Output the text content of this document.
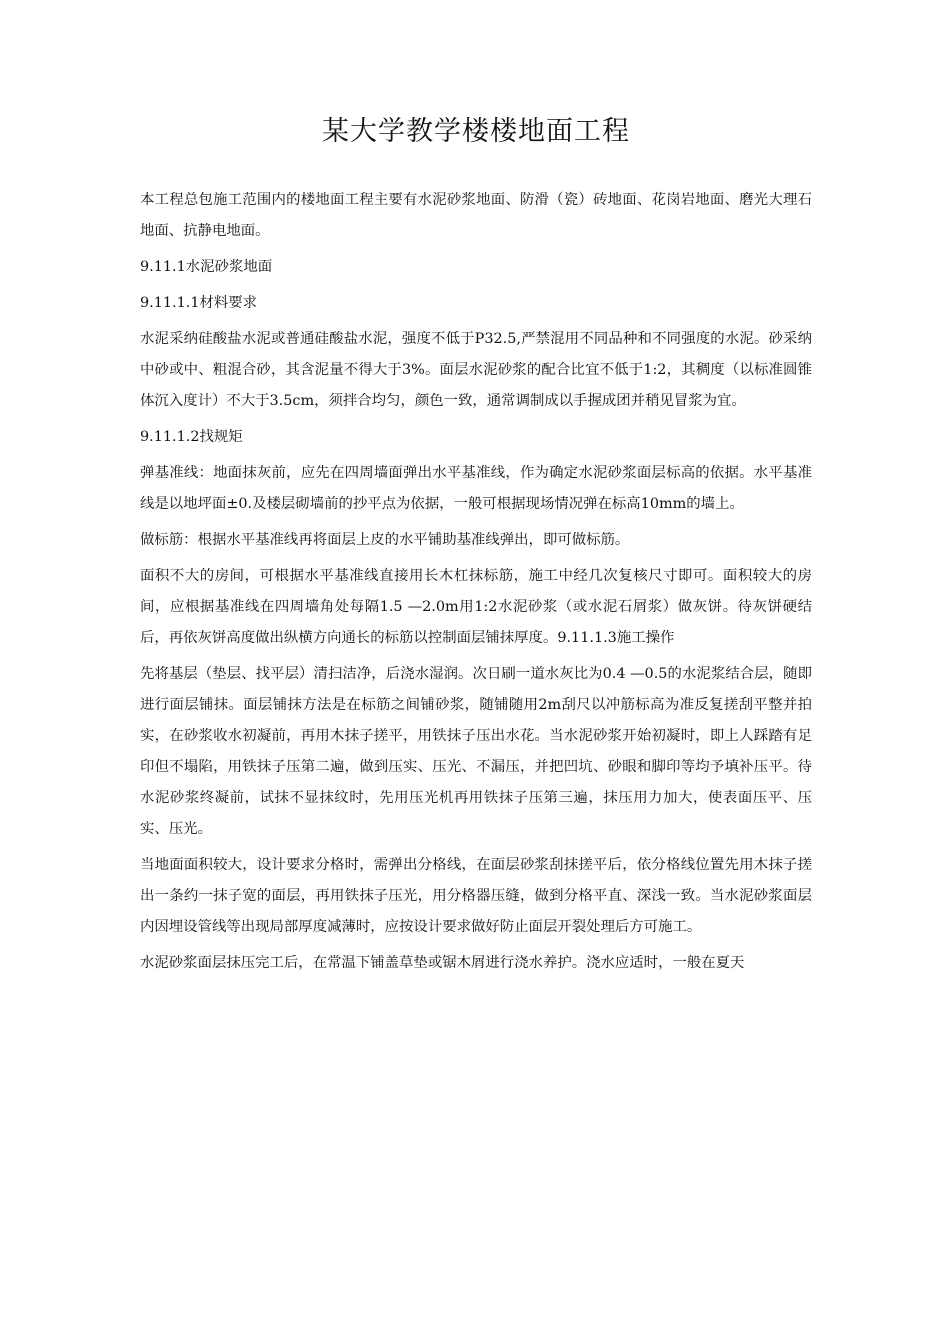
某大学教学楼楼地面工程

本工程总包施工范围内的楼地面工程主要有水泥砂浆地面、防滑（瓷）砖地面、花岗岩地面、磨光大理石地面、抗静电地面。

9.11.1水泥砂浆地面

9.11.1.1材料要求

水泥采纳硅酸盐水泥或普通硅酸盐水泥，强度不低于P32.5,严禁混用不同品种和不同强度的水泥。砂采纳中砂或中、粗混合砂，其含泥量不得大于3%。面层水泥砂浆的配合比宜不低于1:2，其稠度（以标准圆锥体沉入度计）不大于3.5cm，须拌合均匀，颜色一致，通常调制成以手握成团并稍见冒浆为宜。

9.11.1.2找规矩

弹基准线：地面抹灰前，应先在四周墙面弹出水平基准线，作为确定水泥砂浆面层标高的依据。水平基准线是以地坪面±0.及楼层砌墙前的抄平点为依据，一般可根据现场情况弹在标高10mm的墙上。

做标筋：根据水平基准线再将面层上皮的水平铺助基准线弹出，即可做标筋。

面积不大的房间，可根据水平基准线直接用长木杠抹标筋，施工中经几次复核尺寸即可。面积较大的房间，应根据基准线在四周墙角处每隔1.5 —2.0m用1:2水泥砂浆（或水泥石屑浆）做灰饼。待灰饼硬结后，再依灰饼高度做出纵横方向通长的标筋以控制面层铺抹厚度。9.11.1.3施工操作

先将基层（垫层、找平层）清扫洁净，后浇水湿润。次日刷一道水灰比为0.4 —0.5的水泥浆结合层，随即进行面层铺抹。面层铺抹方法是在标筋之间铺砂浆，随铺随用2m刮尺以冲筋标高为准反复搓刮平整并拍实，在砂浆收水初凝前，再用木抹子搓平，用铁抹子压出水花。当水泥砂浆开始初凝时，即上人踩踏有足印但不塌陷，用铁抹子压第二遍，做到压实、压光、不漏压，并把凹坑、砂眼和脚印等均予填补压平。待水泥砂浆终凝前，试抹不显抹纹时，先用压光机再用铁抹子压第三遍，抹压用力加大，使表面压平、压实、压光。

当地面面积较大，设计要求分格时，需弹出分格线，在面层砂浆刮抹搓平后，依分格线位置先用木抹子搓出一条约一抹子宽的面层，再用铁抹子压光，用分格器压缝，做到分格平直、深浅一致。当水泥砂浆面层内因埋设管线等出现局部厚度减薄时，应按设计要求做好防止面层开裂处理后方可施工。

水泥砂浆面层抹压完工后，在常温下铺盖草垫或锯木屑进行浇水养护。浇水应适时，一般在夏天
